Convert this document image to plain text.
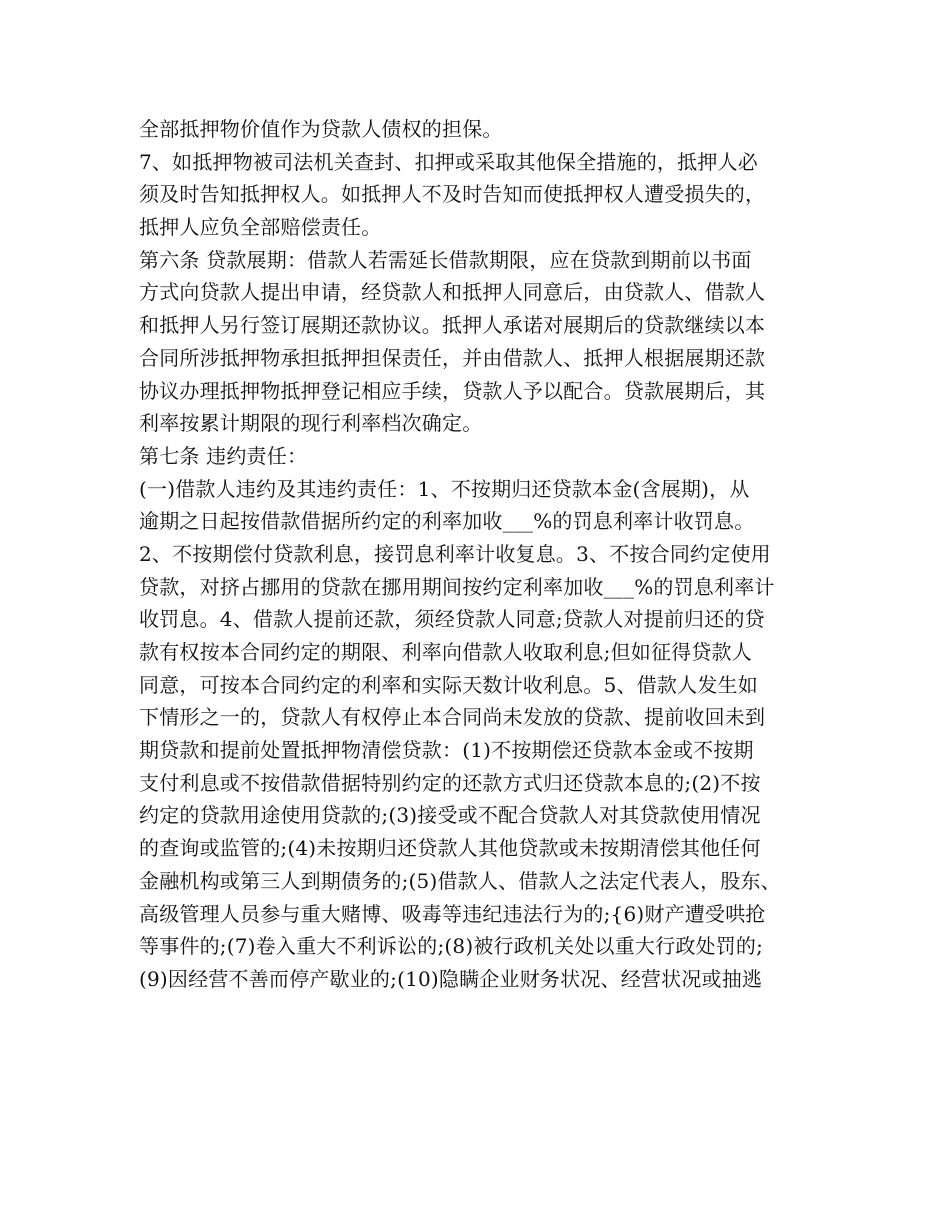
全部抵押物价值作为贷款人债权的担保。
7、如抵押物被司法机关查封、扣押或采取其他保全措施的，抵押人必
须及时告知抵押权人。如抵押人不及时告知而使抵押权人遭受损失的，
抵押人应负全部赔偿责任。
第六条 贷款展期：借款人若需延长借款期限，应在贷款到期前以书面
方式向贷款人提出申请，经贷款人和抵押人同意后，由贷款人、借款人
和抵押人另行签订展期还款协议。抵押人承诺对展期后的贷款继续以本
合同所涉抵押物承担抵押担保责任，并由借款人、抵押人根据展期还款
协议办理抵押物抵押登记相应手续，贷款人予以配合。贷款展期后，其
利率按累计期限的现行利率档次确定。
第七条 违约责任：
(一)借款人违约及其违约责任：1、不按期归还贷款本金(含展期)，从
逾期之日起按借款借据所约定的利率加收___%的罚息利率计收罚息。
2、不按期偿付贷款利息，接罚息利率计收复息。3、不按合同约定使用
贷款，对挤占挪用的贷款在挪用期间按约定利率加收___%的罚息利率计
收罚息。4、借款人提前还款，须经贷款人同意;贷款人对提前归还的贷
款有权按本合同约定的期限、利率向借款人收取利息;但如征得贷款人
同意，可按本合同约定的利率和实际天数计收利息。5、借款人发生如
下情形之一的，贷款人有权停止本合同尚未发放的贷款、提前收回未到
期贷款和提前处置抵押物清偿贷款：(1)不按期偿还贷款本金或不按期
支付利息或不按借款借据特别约定的还款方式归还贷款本息的;(2)不按
约定的贷款用途使用贷款的;(3)接受或不配合贷款人对其贷款使用情况
的查询或监管的;(4)未按期归还贷款人其他贷款或未按期清偿其他任何
金融机构或第三人到期债务的;(5)借款人、借款人之法定代表人，股东、
高级管理人员参与重大赌博、吸毒等违纪违法行为的;{6)财产遭受哄抢
等事件的;(7)卷入重大不利诉讼的;(8)被行政机关处以重大行政处罚的;
(9)因经营不善而停产歇业的;(10)隐瞒企业财务状况、经营状况或抽逃
